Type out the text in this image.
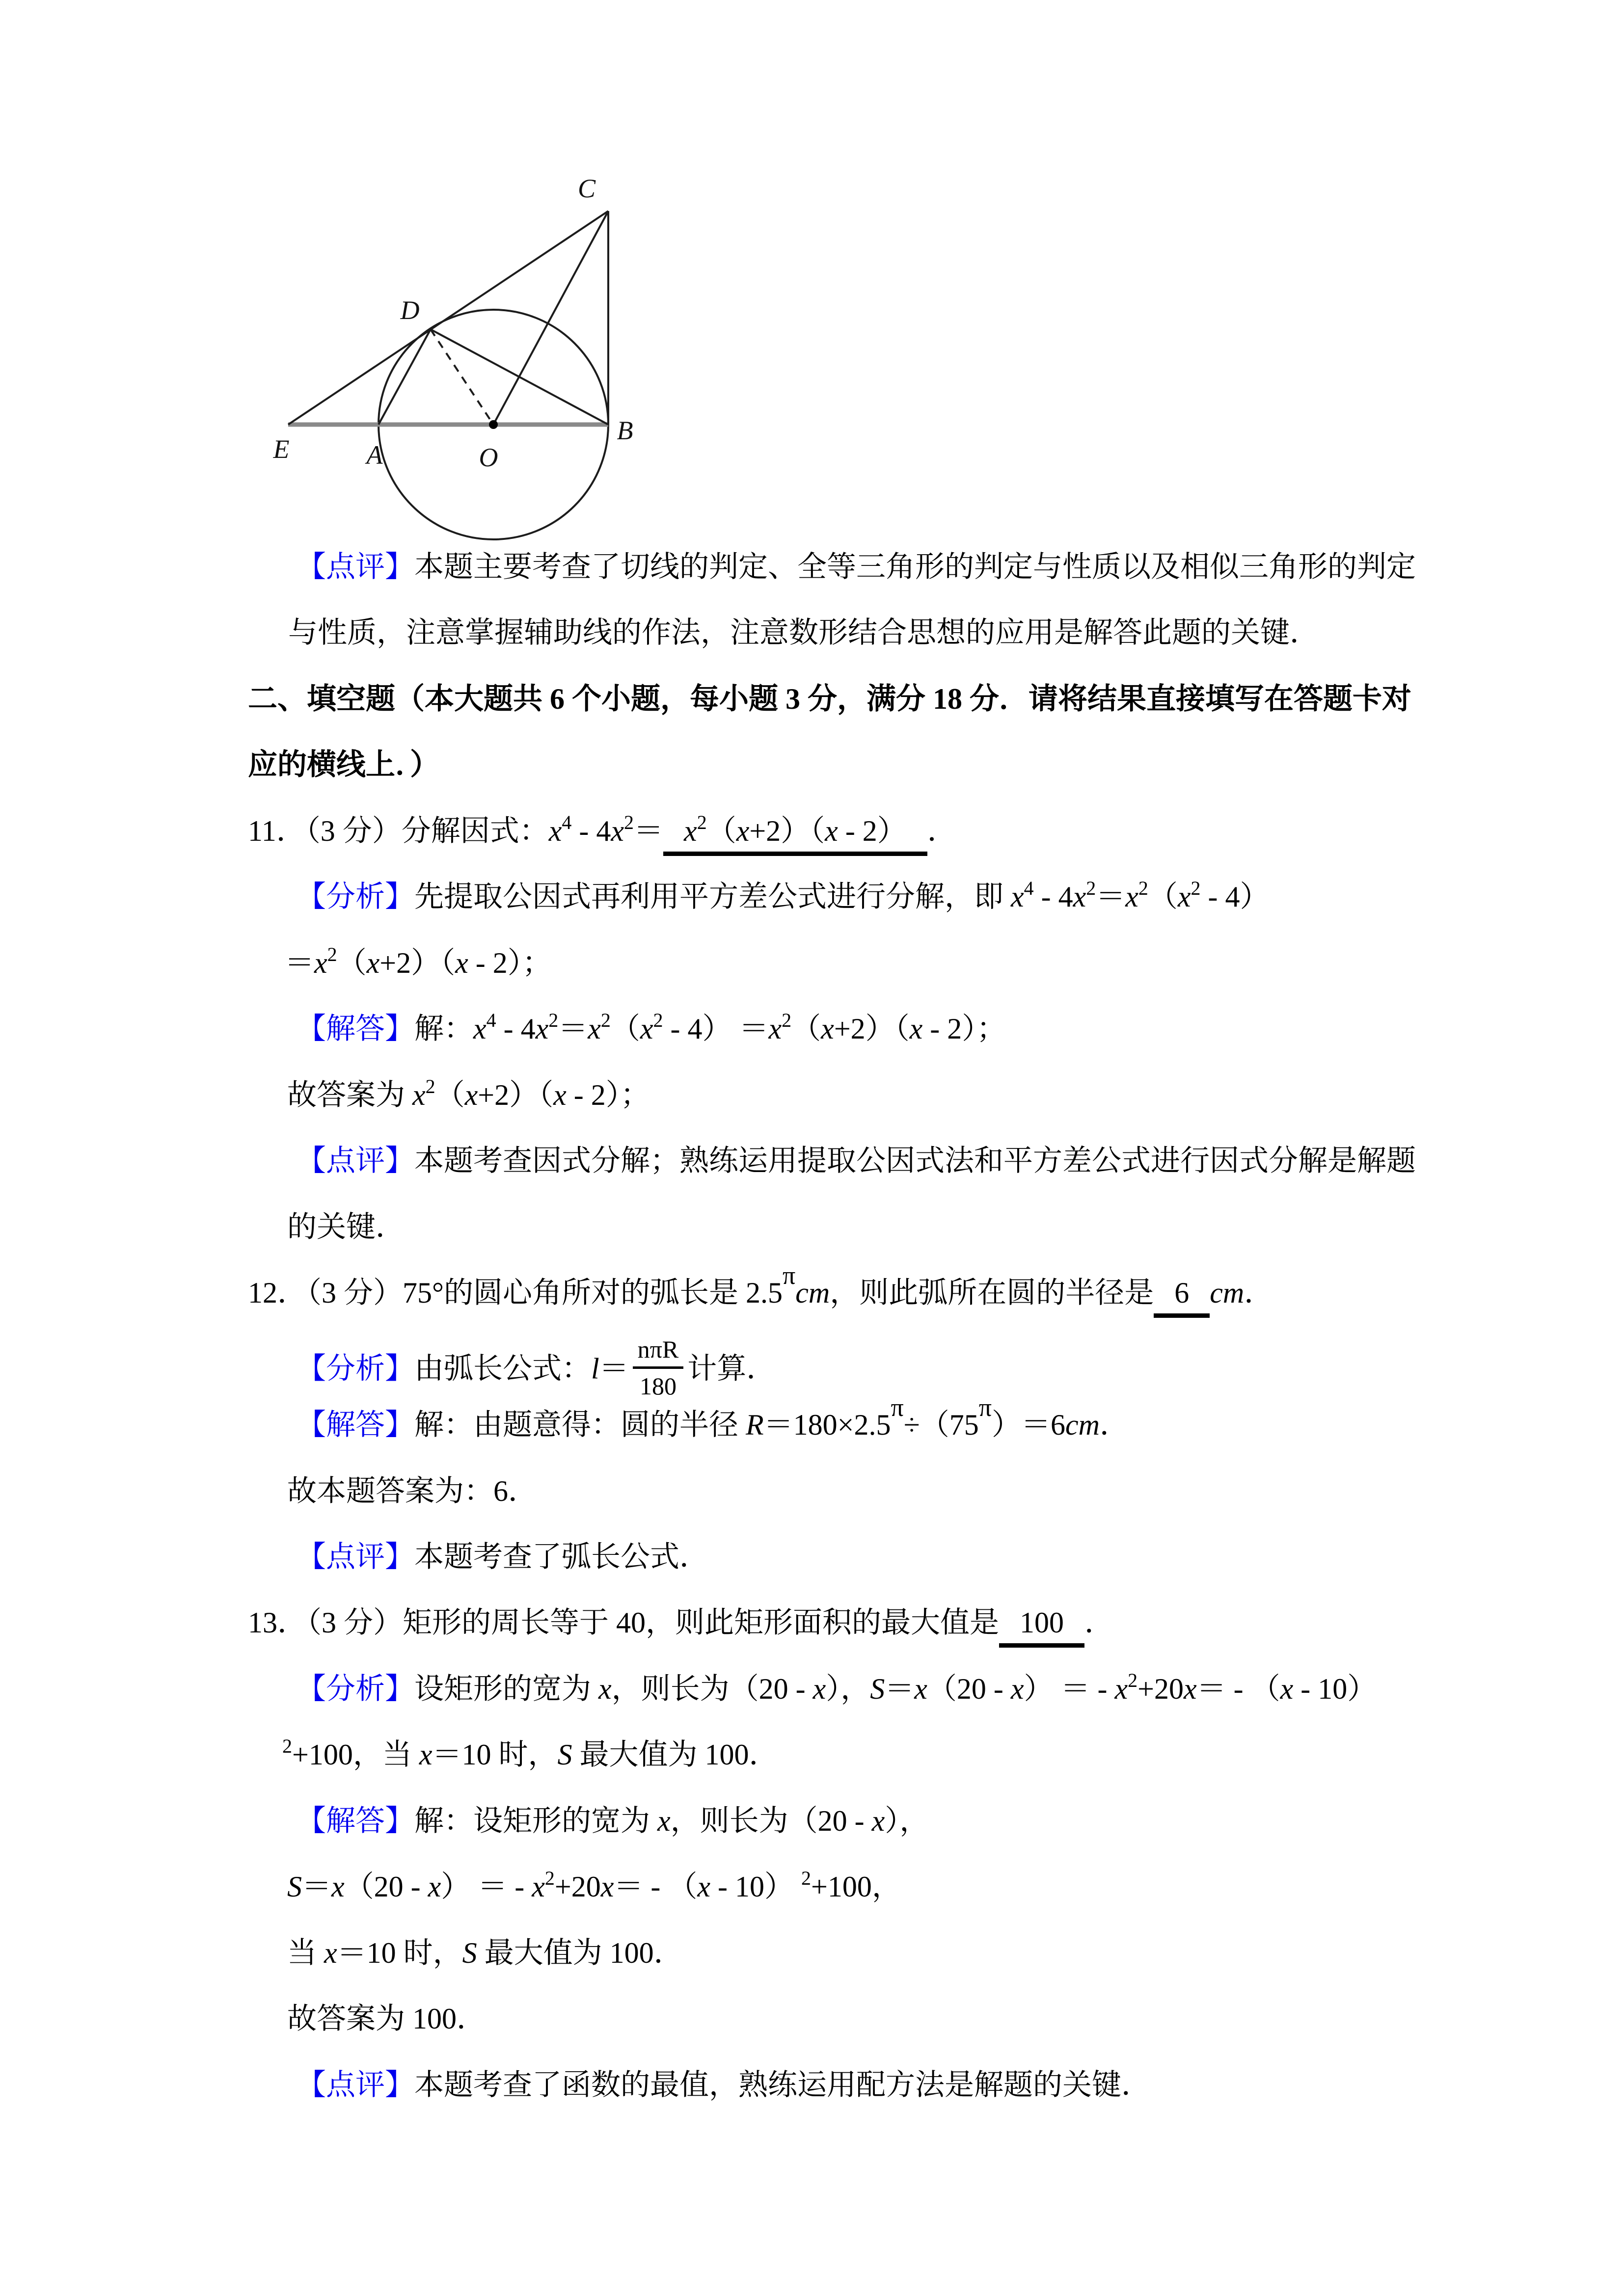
C
D
E	A	O
B
【点评】本题主要考查了切线的判定、全等三角形的判定与性质以及相似三角形的判定
与性质，注意掌握辅助线的作法，注意数形结合思想的应用是解答此题的关键．
二、填空题（本大题共 6 个小题，每小题 3 分，满分 18 分．请将结果直接填写在答题卡对
应的横线上．）
11．（3 分）分解因式：$x^4 - 4x^2= x^2(x+2)(x - 2)$ ．
【分析】先提取公因式再利用平方差公式进行分解，即 $x^4 - 4x^2=x^2(x^2 - 4)$
$=x^2(x+2)(x - 2)$；
【解答】解：$x^4 - 4x^2=x^2(x^2 - 4) =x^2(x+2)(x - 2)$；
故答案为 $x^2(x+2)(x - 2)$；
【点评】本题考查因式分解；熟练运用提取公因式法和平方差公式进行因式分解是解题
的关键．
12．（3 分）75°的圆心角所对的弧长是 2.5πcm，则此弧所在圆的半径是 6 cm．
【分析】由弧长公式：$l= \frac{\text{nπR}}{180}$ 计算．
【解答】解：由题意得：圆的半径 R＝180×2.5π÷（75π）＝6cm．
故本题答案为：6．
【点评】本题考查了弧长公式．
13．（3 分）矩形的周长等于 40，则此矩形面积的最大值是 100 ．
【分析】设矩形的宽为 x，则长为（20 - x），S＝x（20 - x） ＝ - $x^2+20x= - (x - 10)$
$^2$+100，当 x＝10 时，S 最大值为 100．
【解答】解：设矩形的宽为 x，则长为（20 - x），
S＝x（20 - x） ＝ - $x^2+20x= - (x - 10)$ $^2$+100，
当 x＝10 时，S 最大值为 100．
故答案为 100．
【点评】本题考查了函数的最值，熟练运用配方法是解题的关键．
